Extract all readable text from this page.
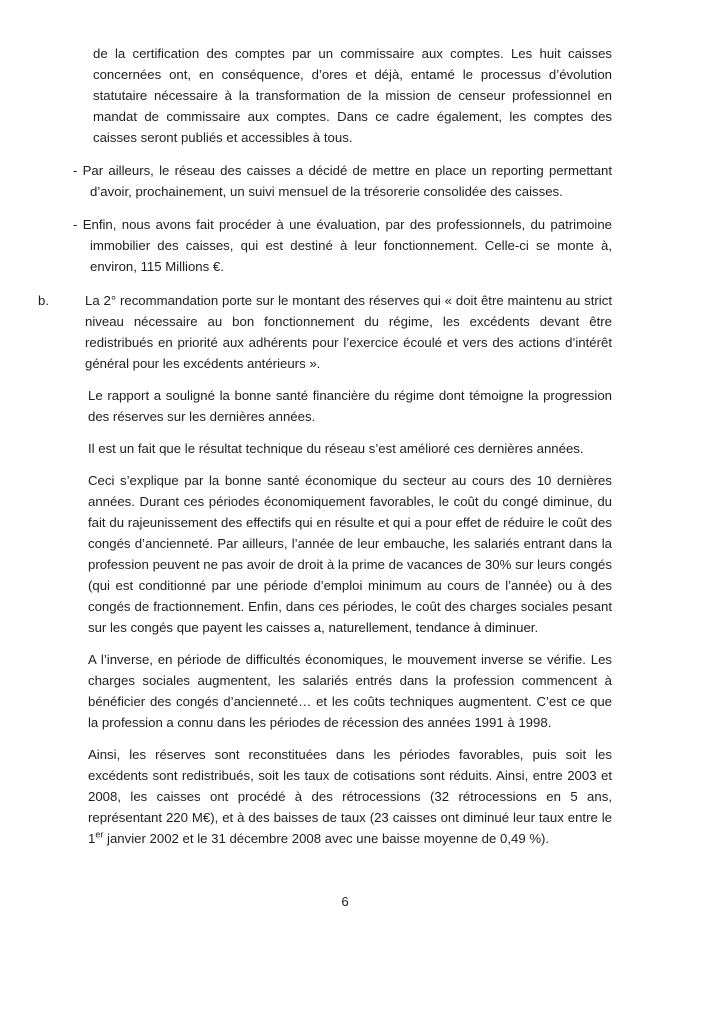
de la certification des comptes par un commissaire aux comptes. Les huit caisses concernées ont, en conséquence, d’ores et déjà, entamé le processus d’évolution statutaire nécessaire à la transformation de la mission de censeur professionnel en mandat de commissaire aux comptes. Dans ce cadre également, les comptes des caisses seront publiés et accessibles à tous.

- Par ailleurs, le réseau des caisses a décidé de mettre en place un reporting permettant d’avoir, prochainement, un suivi mensuel de la trésorerie consolidée des caisses.

- Enfin, nous avons fait procéder à une évaluation, par des professionnels, du patrimoine immobilier des caisses, qui est destiné à leur fonctionnement. Celle-ci se monte à, environ, 115 Millions €.

b.	La 2° recommandation porte sur le montant des réserves qui « doit être maintenu au strict niveau nécessaire au bon fonctionnement du régime, les excédents devant être redistribués en priorité aux adhérents pour l’exercice écoulé et vers des actions d’intérêt général pour les excédents antérieurs ».

Le rapport a souligné la bonne santé financière du régime dont témoigne la progression des réserves sur les dernières années.

Il est un fait que le résultat technique du réseau s’est amélioré ces dernières années.

Ceci s’explique par la bonne santé économique du secteur au cours des 10 dernières années. Durant ces périodes économiquement favorables, le coût du congé diminue, du fait du rajeunissement des effectifs qui en résulte et qui a pour effet de réduire le coût des congés d’ancienneté. Par ailleurs, l’année de leur embauche, les salariés entrant dans la profession peuvent ne pas avoir de droit à la prime de vacances de 30% sur leurs congés (qui est conditionné par une période d’emploi minimum au cours de l’année) ou à des congés de fractionnement. Enfin, dans ces périodes, le coût des charges sociales pesant sur les congés que payent les caisses a, naturellement, tendance à diminuer.

A l’inverse, en période de difficultés économiques, le mouvement inverse se vérifie. Les charges sociales augmentent, les salariés entrés dans la profession commencent à bénéficier des congés d’ancienneté… et les coûts techniques augmentent. C’est ce que la profession a connu dans les périodes de récession des années 1991 à 1998.

Ainsi, les réserves sont reconstituées dans les périodes favorables, puis soit les excédents sont redistribués, soit les taux de cotisations sont réduits. Ainsi, entre 2003 et 2008, les caisses ont procédé à des rétrocessions (32 rétrocessions en 5 ans, représentant 220 M€), et à des baisses de taux (23 caisses ont diminué leur taux entre le 1er janvier 2002 et le 31 décembre 2008 avec une baisse moyenne de 0,49 %).

6
